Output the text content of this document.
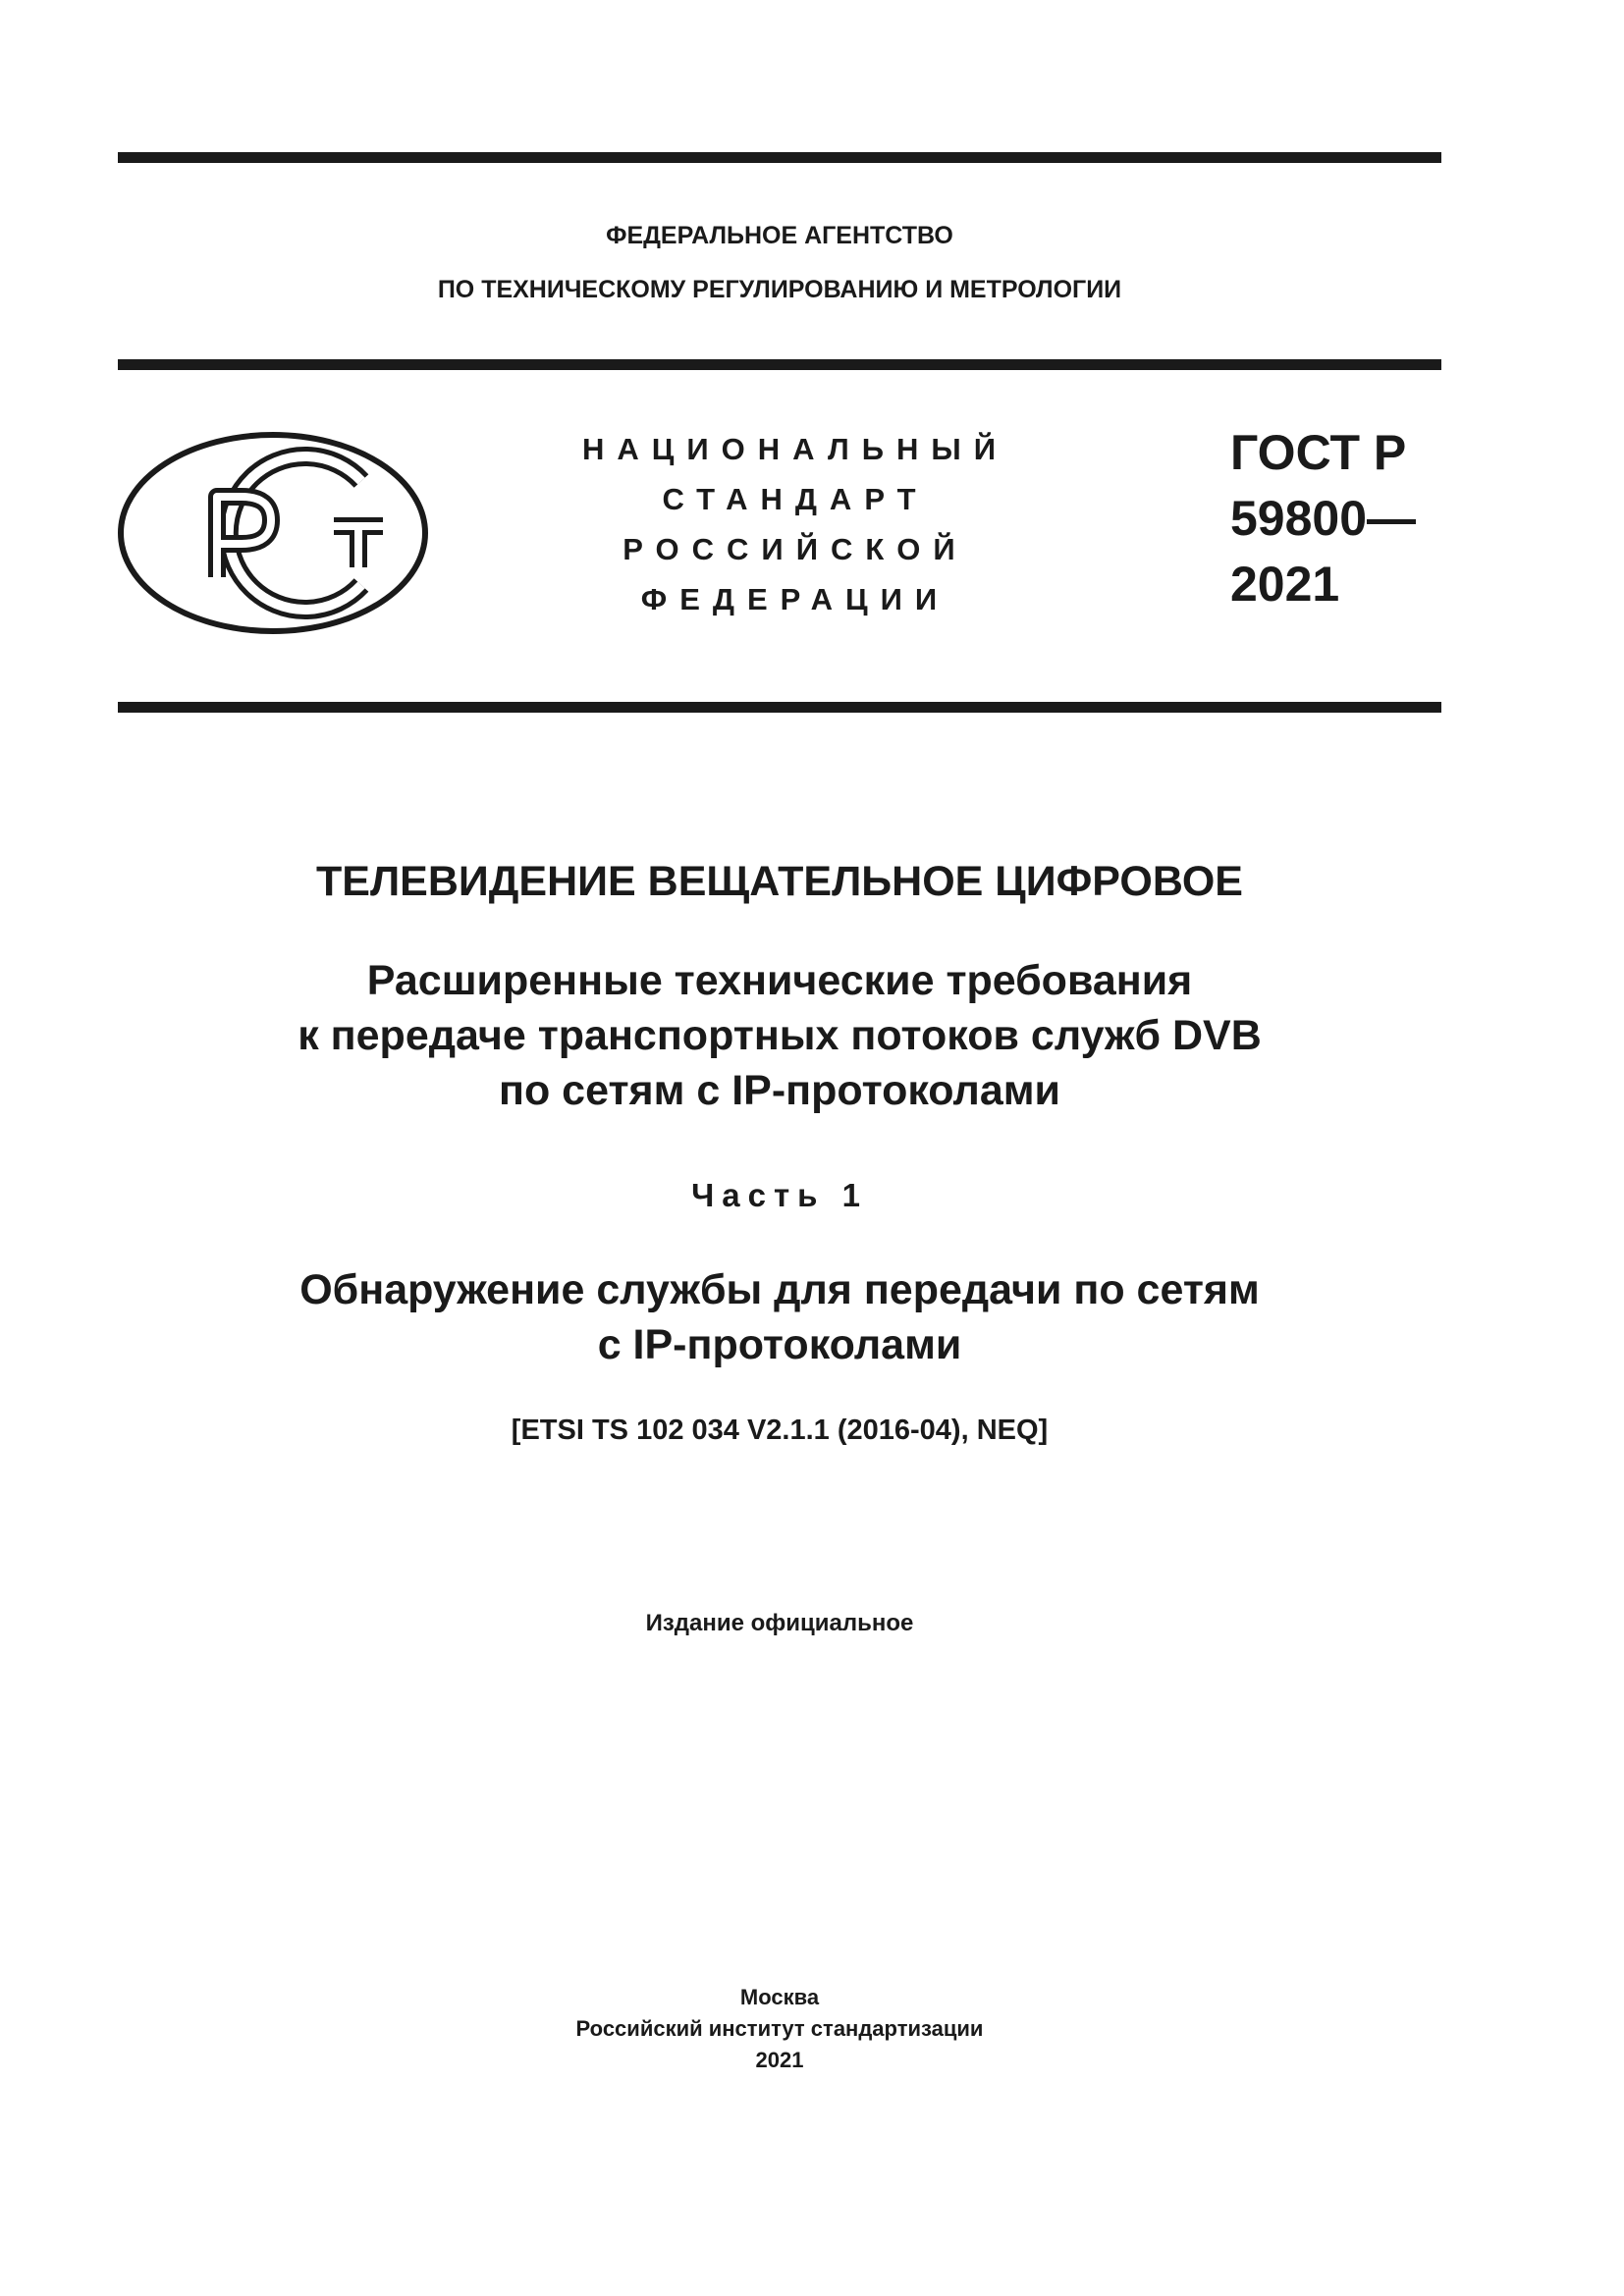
ФЕДЕРАЛЬНОЕ АГЕНТСТВО
ПО ТЕХНИЧЕСКОМУ РЕГУЛИРОВАНИЮ И МЕТРОЛОГИИ
НАЦИОНАЛЬНЫЙ
СТАНДАРТ
РОССИЙСКОЙ
ФЕДЕРАЦИИ
ГОСТ Р
59800—
2021
ТЕЛЕВИДЕНИЕ ВЕЩАТЕЛЬНОЕ ЦИФРОВОЕ
Расширенные технические требования
к передаче транспортных потоков служб DVB
по сетям с IP-протоколами
Часть 1
Обнаружение службы для передачи по сетям
с IP-протоколами
[ETSI TS 102 034 V2.1.1 (2016-04), NEQ]
Издание официальное
Москва
Российский институт стандартизации
2021
